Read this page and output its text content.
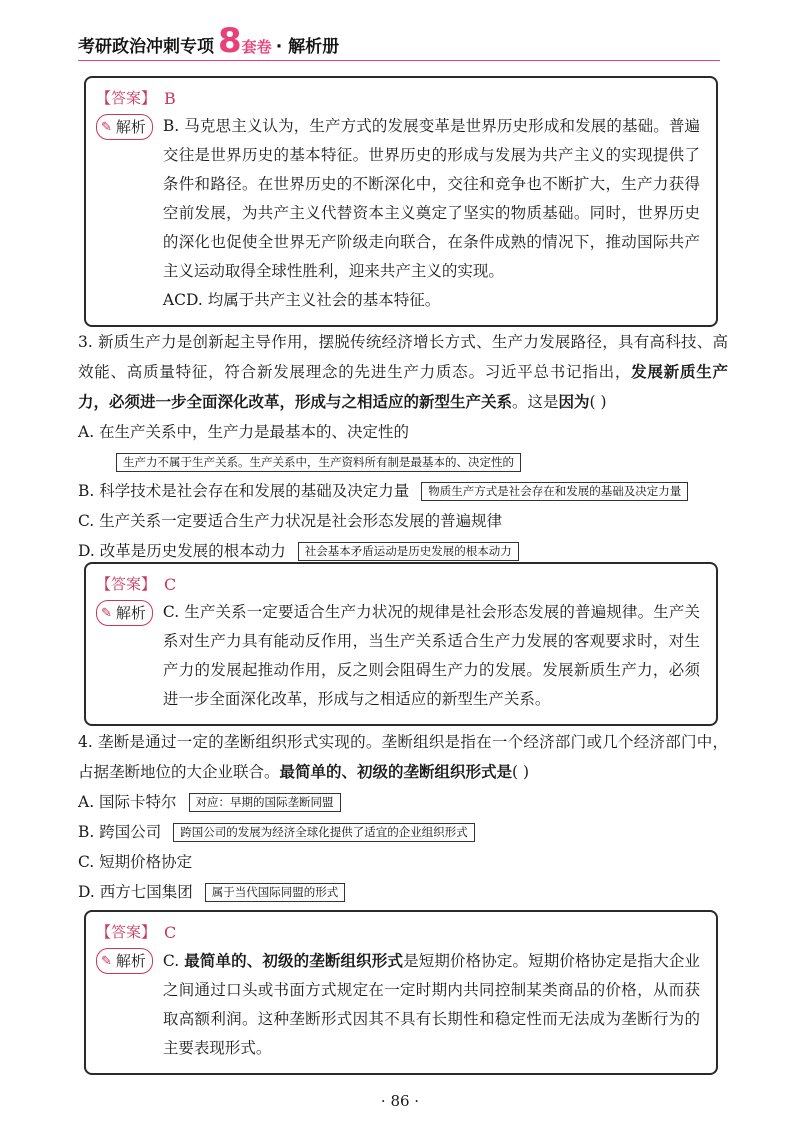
考研政治冲刺专项 8 套卷 · 解析册
【答案】 B
✎ 解析 B. 马克思主义认为，生产方式的发展变革是世界历史形成和发展的基础。普遍交往是世界历史的基本特征。世界历史的形成与发展为共产主义的实现提供了条件和路径。在世界历史的不断深化中，交往和竞争也不断扩大，生产力获得空前发展，为共产主义代替资本主义奠定了坚实的物质基础。同时，世界历史的深化也促使全世界无产阶级走向联合，在条件成熟的情况下，推动国际共产主义运动取得全球性胜利，迎来共产主义的实现。

ACD. 均属于共产主义社会的基本特征。

3. 新质生产力是创新起主导作用，摆脱传统经济增长方式、生产力发展路径，具有高科技、高效能、高质量特征，符合新发展理念的先进生产力质态。习近平总书记指出，发展新质生产力，必须进一步全面深化改革，形成与之相适应的新型生产关系。这是因为( )

A. 在生产关系中，生产力是最基本的、决定性的
生产力不属于生产关系。生产关系中，生产资料所有制是最基本的、决定性的
B. 科学技术是社会存在和发展的基础及决定力量	物质生产方式是社会存在和发展的基础及决定力量
C. 生产关系一定要适合生产力状况是社会形态发展的普遍规律
D. 改革是历史发展的根本动力	社会基本矛盾运动是历史发展的根本动力
【答案】 C
✎ 解析 C. 生产关系一定要适合生产力状况的规律是社会形态发展的普遍规律。生产关系对生产力具有能动反作用，当生产关系适合生产力发展的客观要求时，对生产力的发展起推动作用，反之则会阻碍生产力的发展。发展新质生产力，必须进一步全面深化改革，形成与之相适应的新型生产关系。

4. 垄断是通过一定的垄断组织形式实现的。垄断组织是指在一个经济部门或几个经济部门中，占据垄断地位的大企业联合。最简单的、初级的垄断组织形式是( )

A. 国际卡特尔	对应：早期的国际垄断同盟
B. 跨国公司	跨国公司的发展为经济全球化提供了适宜的企业组织形式
C. 短期价格协定
D. 西方七国集团	属于当代国际同盟的形式
【答案】 C
✎ 解析 C. 最简单的、初级的垄断组织形式是短期价格协定。短期价格协定是指大企业之间通过口头或书面方式规定在一定时期内共同控制某类商品的价格，从而获取高额利润。这种垄断形式因其不具有长期性和稳定性而无法成为垄断行为的主要表现形式。

· 86 ·
